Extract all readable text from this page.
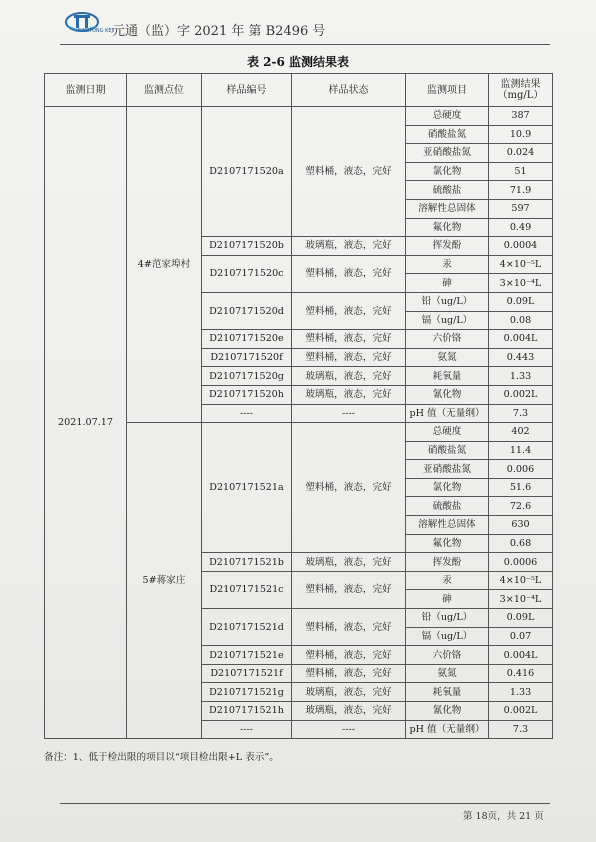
NANTONG KEJI
元通（监）字 2021 年 第 B2496 号
表 2-6 监测结果表
监测日期	监测点位	样品编号	样品状态	监测项目	监测结果（mg/L）
2021.07.17	4#范家埠村	D2107171520a	塑料桶，液态，完好	总硬度	387
				硝酸盐氮	10.9
				亚硝酸盐氮	0.024
				氯化物	51
				硫酸盐	71.9
				溶解性总固体	597
				氟化物	0.49
		D2107171520b	玻璃瓶，液态，完好	挥发酚	0.0004
		D2107171520c	塑料桶，液态，完好	汞	4×10⁻⁵L
				砷	3×10⁻⁴L
		D2107171520d	塑料桶，液态，完好	铅（ug/L）	0.09L
				镉（ug/L）	0.08
		D2107171520e	塑料桶，液态，完好	六价铬	0.004L
		D2107171520f	塑料桶，液态，完好	氨氮	0.443
		D2107171520g	玻璃瓶，液态，完好	耗氧量	1.33
		D2107171520h	玻璃瓶，液态，完好	氰化物	0.002L
		----	----	pH 值（无量纲）	7.3
	5#蒋家庄	D2107171521a	塑料桶，液态，完好	总硬度	402
				硝酸盐氮	11.4
				亚硝酸盐氮	0.006
				氯化物	51.6
				硫酸盐	72.6
				溶解性总固体	630
				氟化物	0.68
		D2107171521b	玻璃瓶，液态，完好	挥发酚	0.0006
		D2107171521c	塑料桶，液态，完好	汞	4×10⁻⁵L
				砷	3×10⁻⁴L
		D2107171521d	塑料桶，液态，完好	铅（ug/L）	0.09L
				镉（ug/L）	0.07
		D2107171521e	塑料桶，液态，完好	六价铬	0.004L
		D2107171521f	塑料桶，液态，完好	氨氮	0.416
		D2107171521g	玻璃瓶，液态，完好	耗氧量	1.33
		D2107171521h	玻璃瓶，液态，完好	氰化物	0.002L
		----	----	pH 值（无量纲）	7.3
备注：1、低于检出限的项目以“项目检出限+L 表示”。
第 18页，共 21 页
